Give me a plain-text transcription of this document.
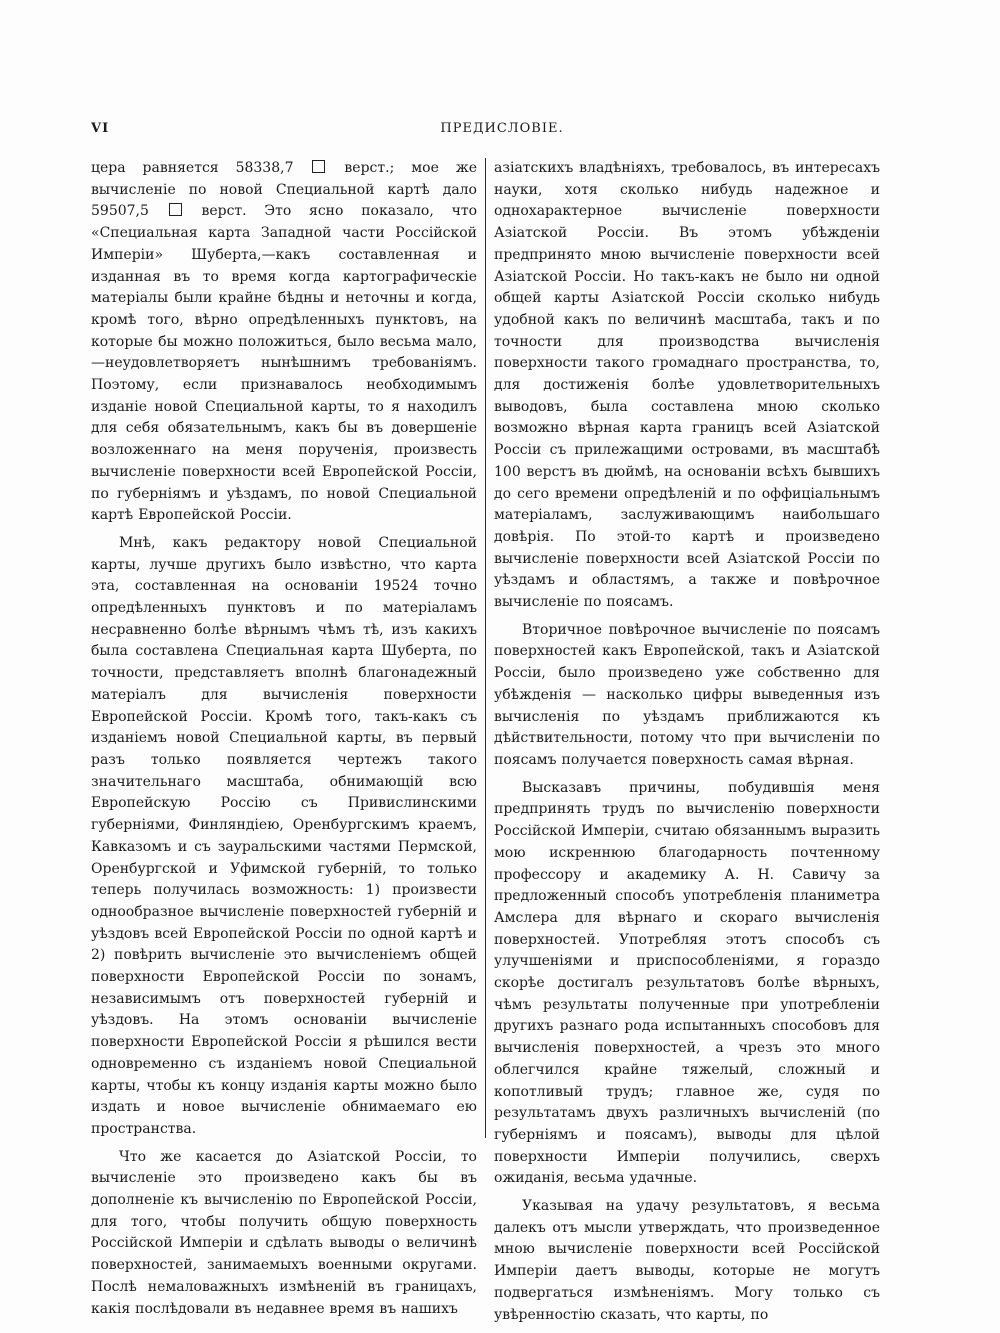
VI	ПРЕДИСЛОВІЕ.

цера равняется 58338,7	верст.; мое же вычисленіе по новой Специальной картѣ дало 59507,5	верст. Это ясно показало, что «Специальная карта Западной части Россійской Имперіи» Шуберта,—какъ составленная и изданная въ то время когда картографическіе матеріалы были крайне бѣдны и неточны и когда, кромѣ того, вѣрно опредѣленныхъ пунктовъ, на которые бы можно положиться, было весьма мало,—неудовлетворяетъ нынѣшнимъ требованіямъ. Поэтому, если признавалось необходимымъ изданіе новой Специальной карты, то я находилъ для себя обязательнымъ, какъ бы въ довершеніе возложеннаго на меня порученія, произвесть вычисленіе поверхности всей Европейской Россіи, по губерніямъ и уѣздамъ, по новой Специальной картѣ Европейской Россіи.

Мнѣ, какъ редактору новой Специальной карты, лучше другихъ было извѣстно, что карта эта, составленная на основаніи 19524 точно опредѣленныхъ пунктовъ и по матеріаламъ несравненно болѣе вѣрнымъ чѣмъ тѣ, изъ какихъ была составлена Специальная карта Шуберта, по точности, представляетъ вполнѣ благонадежный матеріалъ для вычисленія поверхности Европейской Россіи. Кромѣ того, такъ-какъ съ изданіемъ новой Специальной карты, въ первый разъ только появляется чертежъ такого значительнаго масштаба, обнимающій всю Европейскую Россію съ Привислинскими губерніями, Финляндіею, Оренбургскимъ краемъ, Кавказомъ и съ зауральскими частями Пермской, Оренбургской и Уфимской губерній, то только теперь получилась возможность: 1) произвести однообразное вычисленіе поверхностей губерній и уѣздовъ всей Европейской Россіи по одной картѣ и 2) повѣрить вычисленіе это вычисленіемъ общей поверхности Европейской Россіи по зонамъ, независимымъ отъ поверхностей губерній и уѣздовъ. На этомъ основаніи вычисленіе поверхности Европейской Россіи я рѣшился вести одновременно съ изданіемъ новой Специальной карты, чтобы къ концу изданія карты можно было издать и новое вычисленіе обнимаемаго ею пространства.

Что же касается до Азіатской Россіи, то вычисленіе это произведено какъ бы въ дополненіе къ вычисленію по Европейской Россіи, для того, чтобы получить общую поверхность Россійской Имперіи и сдѣлать выводы о величинѣ поверхностей, занимаемыхъ военными округами. Послѣ немаловажныхъ измѣненій въ границахъ, какія послѣдовали въ недавнее время въ нашихъ

азіатскихъ владѣніяхъ, требовалось, въ интересахъ науки, хотя сколько нибудь надежное и однохарактерное вычисленіе поверхности Азіатской Россіи. Въ этомъ убѣжденіи предпринято мною вычисленіе поверхности всей Азіатской Россіи. Но такъ-какъ не было ни одной общей карты Азіатской Россіи сколько нибудь удобной какъ по величинѣ масштаба, такъ и по точности для производства вычисленія поверхности такого громаднаго пространства, то, для достиженія болѣе удовлетворительныхъ выводовъ, была составлена мною сколько возможно вѣрная карта границъ всей Азіатской Россіи съ прилежащими островами, въ масштабѣ 100 верстъ въ дюймѣ, на основаніи всѣхъ бывшихъ до сего времени опредѣленій и по оффиціальнымъ матеріаламъ, заслуживающимъ наибольшаго довѣрія. По этой-то картѣ и произведено вычисленіе поверхности всей Азіатской Россіи по уѣздамъ и областямъ, а также и повѣрочное вычисленіе по поясамъ.

Вторичное повѣрочное вычисленіе по поясамъ поверхностей какъ Европейской, такъ и Азіатской Россіи, было произведено уже собственно для убѣжденія — насколько цифры выведенныя изъ вычисленія по уѣздамъ приближаются къ дѣйствительности, потому что при вычисленіи по поясамъ получается поверхность самая вѣрная.

Высказавъ причины, побудившія меня предпринять трудъ по вычисленію поверхности Россійской Имперіи, считаю обязаннымъ выразить мою искреннюю благодарность почтенному профессору и академику А. Н. Савичу за предложенный способъ употребленія планиметра Амслера для вѣрнаго и скораго вычисленія поверхностей. Употребляя этотъ способъ съ улучшеніями и приспособленіями, я гораздо скорѣе достигалъ результатовъ болѣе вѣрныхъ, чѣмъ результаты полученные при употребленіи другихъ разнаго рода испытанныхъ способовъ для вычисленія поверхностей, а чрезъ это много облегчился крайне тяжелый, сложный и копотливый трудъ; главное же, судя по результатамъ двухъ различныхъ вычисленій (по губерніямъ и поясамъ), выводы для цѣлой поверхности Имперіи получились, сверхъ ожиданія, весьма удачные.

Указывая на удачу результатовъ, я весьма далекъ отъ мысли утверждать, что произведенное мною вычисленіе поверхности всей Россійской Имперіи даетъ выводы, которые не могутъ подвергаться измѣненіямъ. Могу только съ увѣренностію сказать, что карты, по
